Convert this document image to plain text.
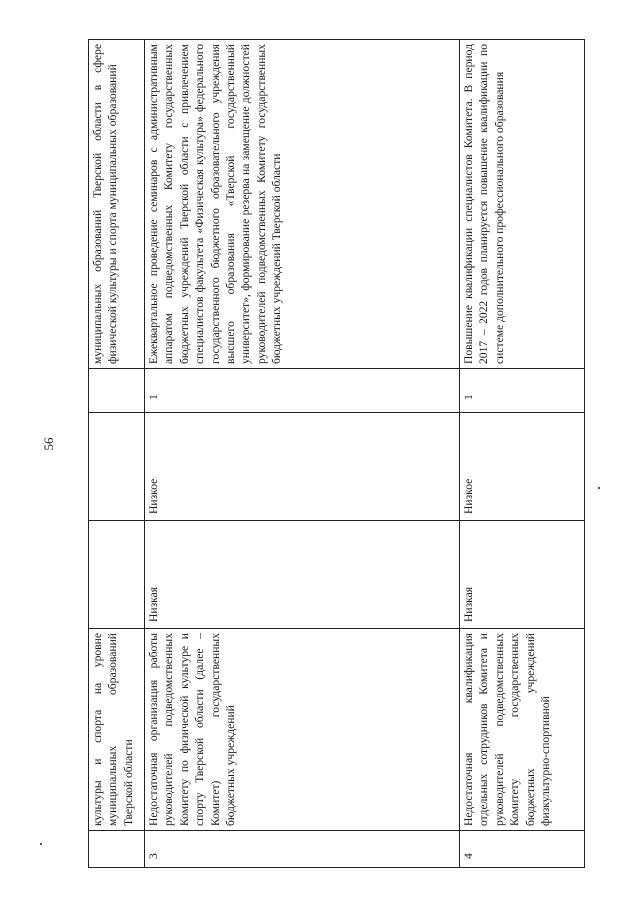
56
	культуры и спорта на уровне муниципальных образований Тверской области				муниципальных образований Тверской области в сфере физической культуры и спорта муниципальных образований
3	Недостаточная организация работы руководителей подведомственных Комитету по физической культуре и спорту Тверской области (далее – Комитет) государственных бюджетных учреждений	Низкая	Низкое	1	Ежеквартальное проведение семинаров с административным аппаратом подведомственных Комитету государственных бюджетных учреждений Тверской области с привлечением специалистов факультета «Физическая культура» федерального государственного бюджетного образовательного учреждения высшего образования «Тверской государственный университет», формирование резерва на замещение должностей руководителей подведомственных Комитету государственных бюджетных учреждений Тверской области
4	Недостаточная квалификация отдельных сотрудников Комитета и руководителей подведомственных Комитету государственных бюджетных учреждений физкультурно-спортивной	Низкая	Низкое	1	Повышение квалификации специалистов Комитета. В период 2017 – 2022 годов планируется повышение квалификации по системе дополнительного профессионального образования
